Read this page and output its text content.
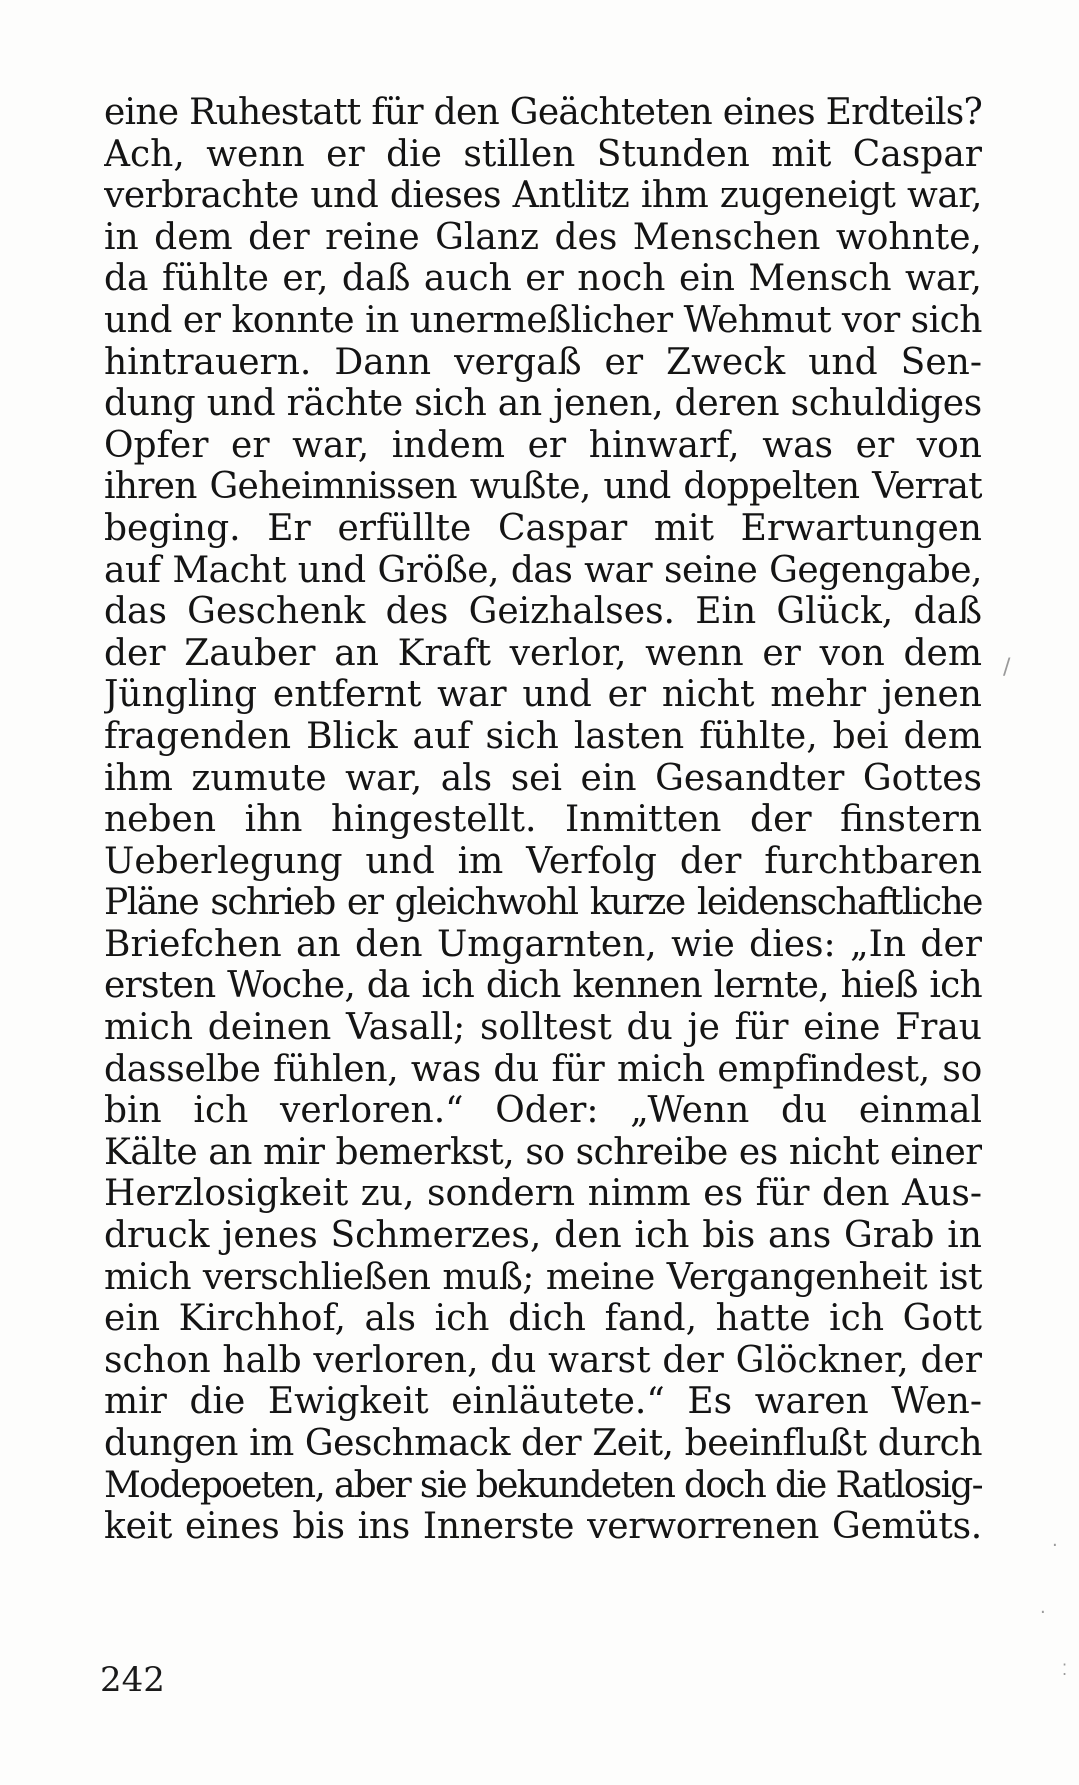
eine Ruhestatt für den Geächteten eines Erdteils?
Ach, wenn er die stillen Stunden mit Caspar
verbrachte und dieses Antlitz ihm zugeneigt war,
in dem der reine Glanz des Menschen wohnte,
da fühlte er, daß auch er noch ein Mensch war,
und er konnte in unermeßlicher Wehmut vor sich
hintrauern. Dann vergaß er Zweck und Sen-
dung und rächte sich an jenen, deren schuldiges
Opfer er war, indem er hinwarf, was er von
ihren Geheimnissen wußte, und doppelten Verrat
beging. Er erfüllte Caspar mit Erwartungen
auf Macht und Größe, das war seine Gegengabe,
das Geschenk des Geizhalses. Ein Glück, daß
der Zauber an Kraft verlor, wenn er von dem
Jüngling entfernt war und er nicht mehr jenen
fragenden Blick auf sich lasten fühlte, bei dem
ihm zumute war, als sei ein Gesandter Gottes
neben ihn hingestellt. Inmitten der finstern
Ueberlegung und im Verfolg der furchtbaren
Pläne schrieb er gleichwohl kurze leidenschaftliche
Briefchen an den Umgarnten, wie dies: „In der
ersten Woche, da ich dich kennen lernte, hieß ich
mich deinen Vasall; solltest du je für eine Frau
dasselbe fühlen, was du für mich empfindest, so
bin ich verloren.“ Oder: „Wenn du einmal
Kälte an mir bemerkst, so schreibe es nicht einer
Herzlosigkeit zu, sondern nimm es für den Aus-
druck jenes Schmerzes, den ich bis ans Grab in
mich verschließen muß; meine Vergangenheit ist
ein Kirchhof, als ich dich fand, hatte ich Gott
schon halb verloren, du warst der Glöckner, der
mir die Ewigkeit einläutete.“ Es waren Wen-
dungen im Geschmack der Zeit, beeinflußt durch
Modepoeten, aber sie bekundeten doch die Ratlosig-
keit eines bis ins Innerste verworrenen Gemüts.
242
/
·
·
⁚
